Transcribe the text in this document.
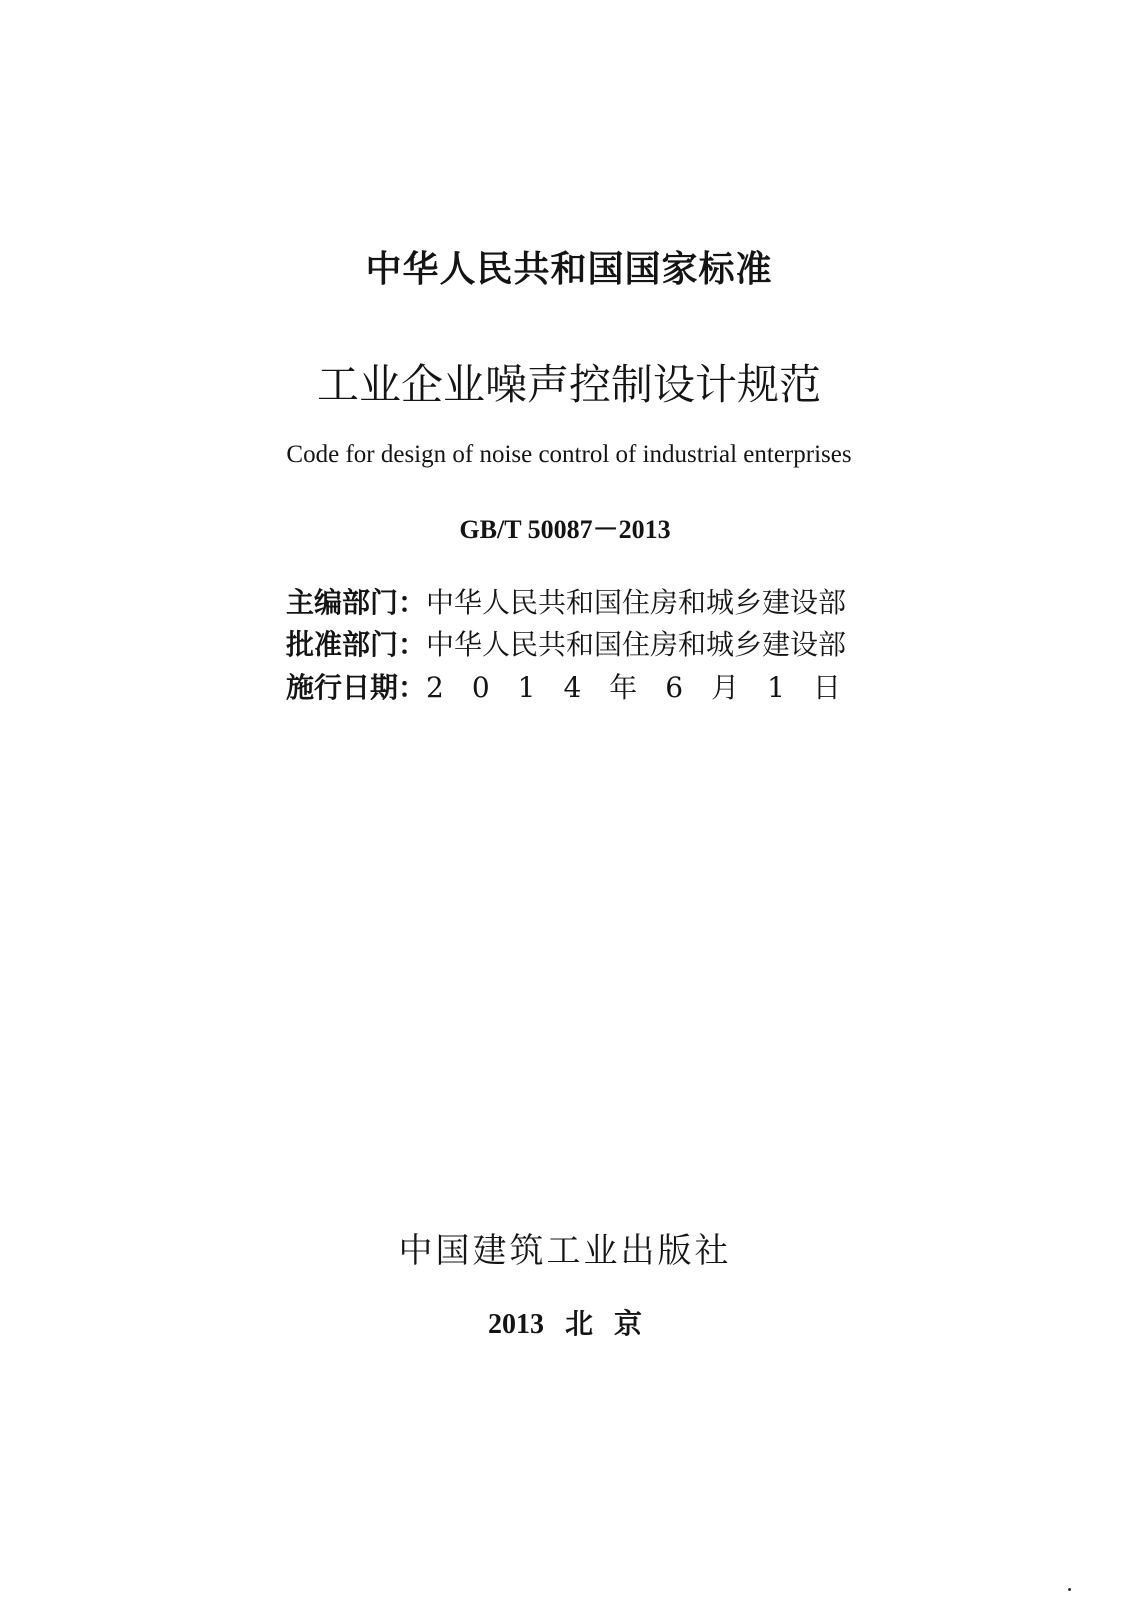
中华人民共和国国家标准
工业企业噪声控制设计规范
Code for design of noise control of industrial enterprises
GB/T 50087－2013
主编部门：中华人民共和国住房和城乡建设部
批准部门：中华人民共和国住房和城乡建设部
施行日期：2014年6月1日
中国建筑工业出版社
2013 北 京
